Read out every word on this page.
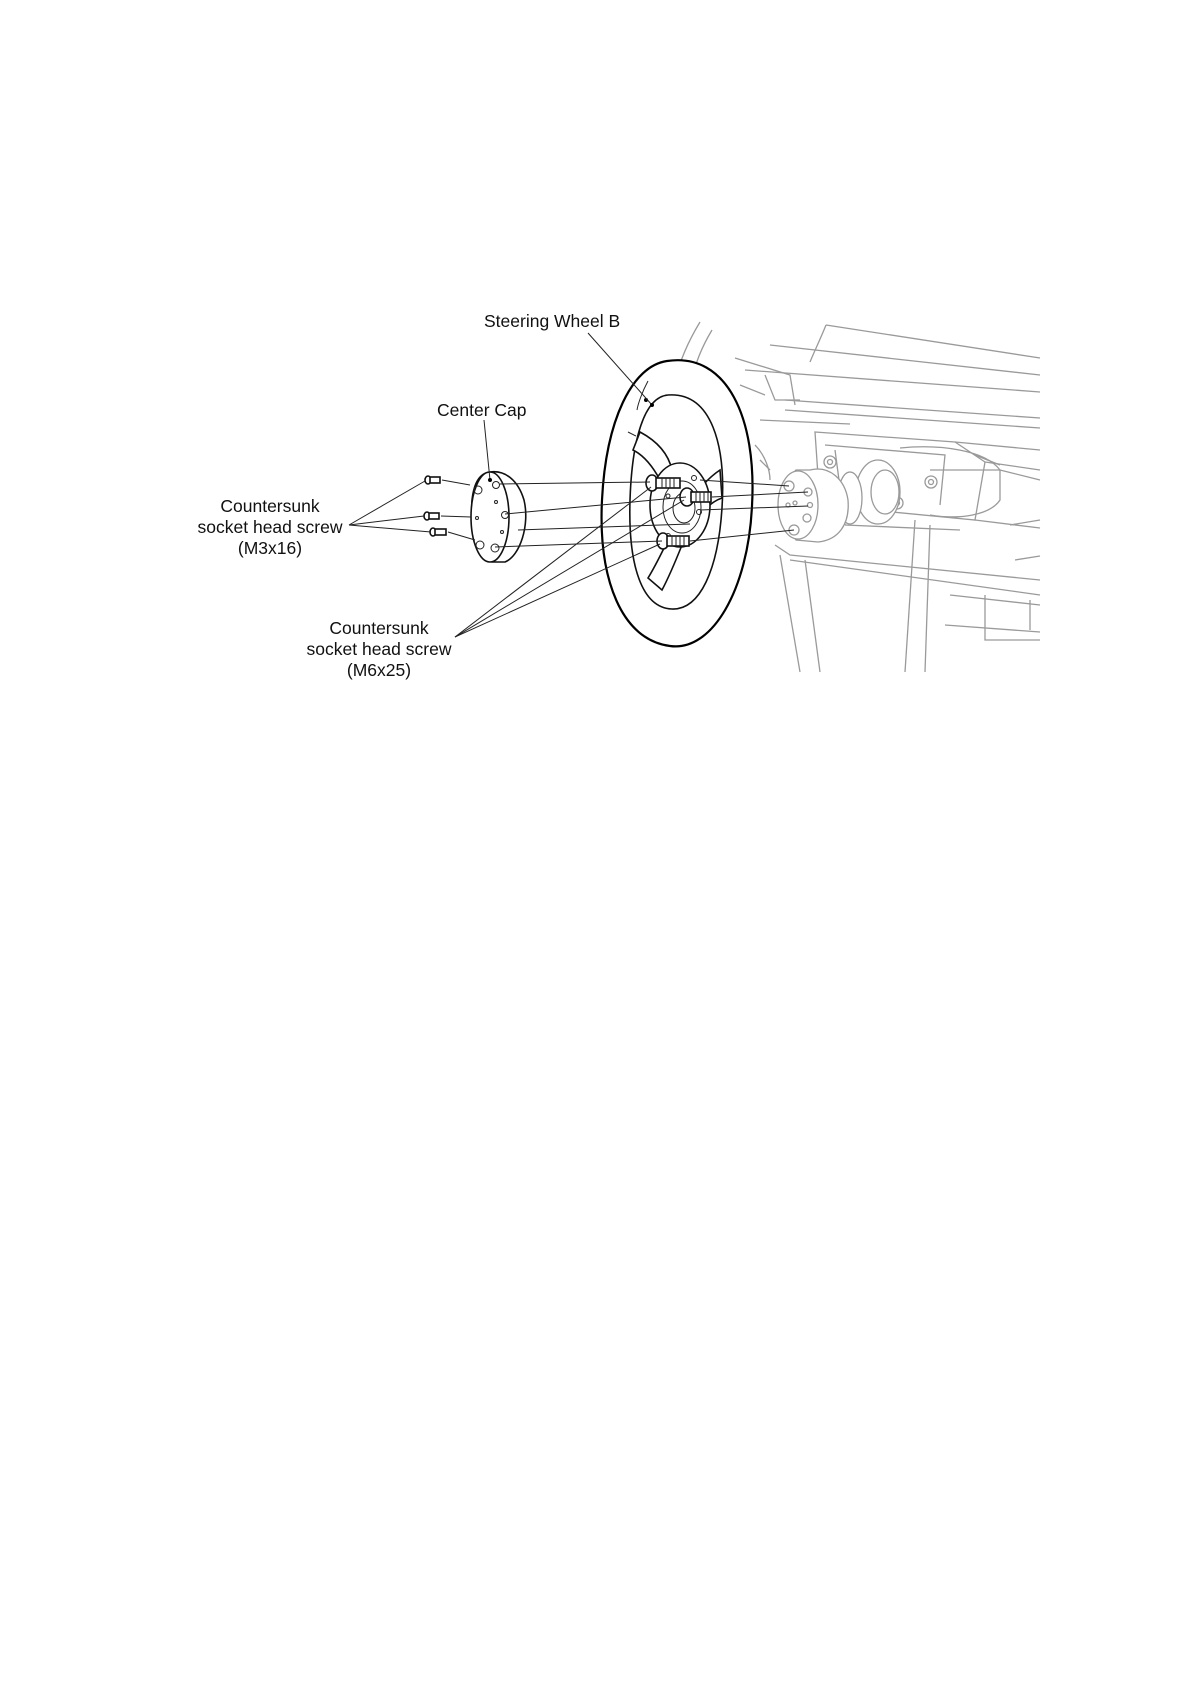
Steering Wheel B
Center Cap
Countersunk
socket head screw
(M3x16)
Countersunk
socket head screw
(M6x25)
